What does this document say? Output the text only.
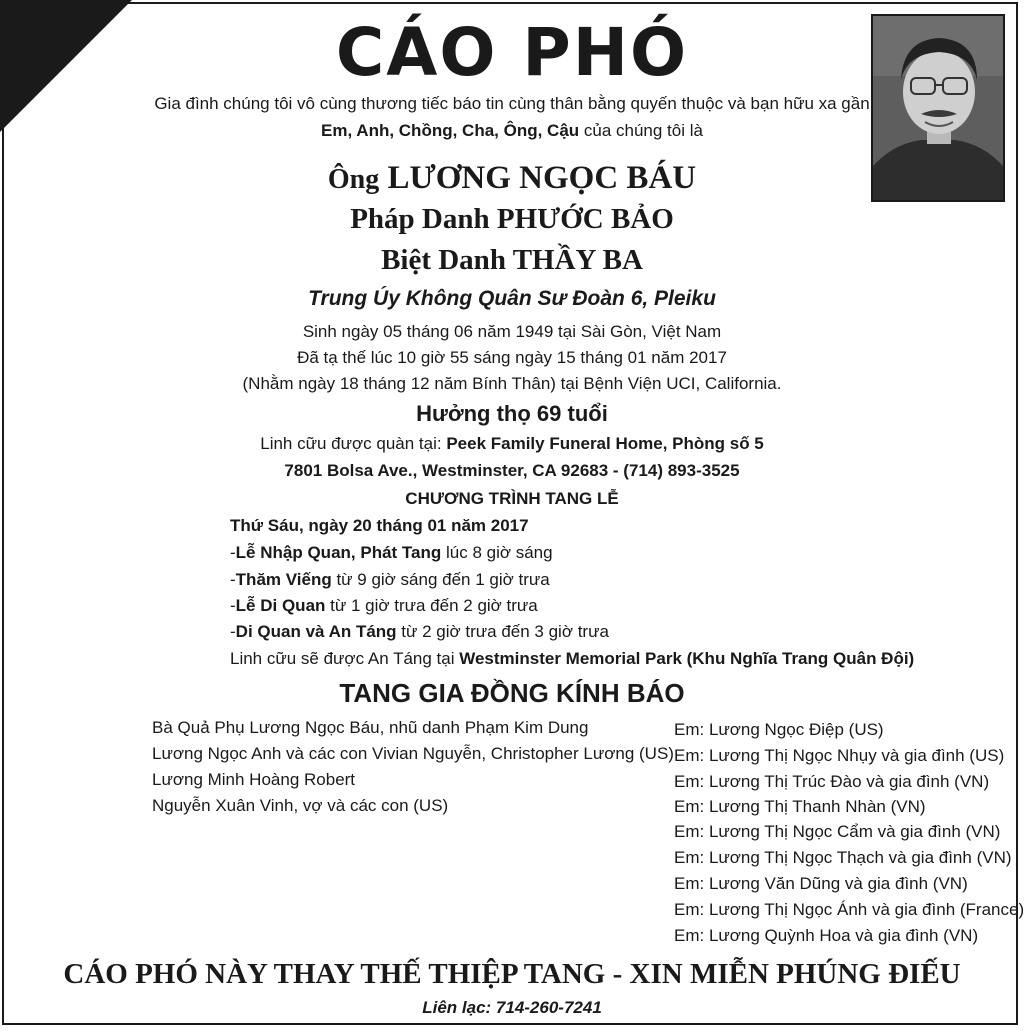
CÁO PHÓ
Gia đình chúng tôi vô cùng thương tiếc báo tin cùng thân bằng quyến thuộc và bạn hữu xa gần
Em, Anh, Chồng, Cha, Ông, Cậu của chúng tôi là
Ông LƯƠNG NGỌC BÁU
Pháp Danh PHƯỚC BẢO
Biệt Danh THẦY BA
Trung Úy Không Quân Sư Đoàn 6, Pleiku
Sinh ngày 05 tháng 06 năm 1949 tại Sài Gòn, Việt Nam
Đã tạ thế lúc 10 giờ 55 sáng ngày 15 tháng 01 năm 2017
(Nhằm ngày 18 tháng 12 năm Bính Thân) tại Bệnh Viện UCI, California.
Hưởng thọ 69 tuổi
Linh cữu được quàn tại: Peek Family Funeral Home, Phòng số 5
7801 Bolsa Ave., Westminster, CA 92683 - (714) 893-3525
CHƯƠNG TRÌNH TANG LỄ
Thứ Sáu, ngày 20 tháng 01 năm 2017
-Lễ Nhập Quan, Phát Tang lúc 8 giờ sáng
-Thăm Viếng từ 9 giờ sáng đến 1 giờ trưa
-Lễ Di Quan từ 1 giờ trưa đến 2 giờ trưa
-Di Quan và An Táng từ 2 giờ trưa đến 3 giờ trưa
Linh cữu sẽ được An Táng tại Westminster Memorial Park (Khu Nghĩa Trang Quân Đội)
TANG GIA ĐỒNG KÍNH BÁO
Bà Quả Phụ Lương Ngọc Báu, nhũ danh Phạm Kim Dung
Lương Ngọc Anh và các con Vivian Nguyễn, Christopher Lương (US)
Lương Minh Hoàng Robert
Nguyễn Xuân Vinh, vợ và các con (US)
Em: Lương Ngọc Điệp (US)
Em: Lương Thị Ngọc Nhụy và gia đình (US)
Em: Lương Thị Trúc Đào và gia đình (VN)
Em: Lương Thị Thanh Nhàn (VN)
Em: Lương Thị Ngọc Cẩm và gia đình (VN)
Em: Lương Thị Ngọc Thạch và gia đình (VN)
Em: Lương Văn Dũng và gia đình (VN)
Em: Lương Thị Ngọc Ánh và gia đình (France)
Em: Lương Quỳnh Hoa và gia đình (VN)
CÁO PHÓ NÀY THAY THẾ THIỆP TANG - XIN MIỄN PHÚNG ĐIẾU
Liên lạc: 714-260-7241
